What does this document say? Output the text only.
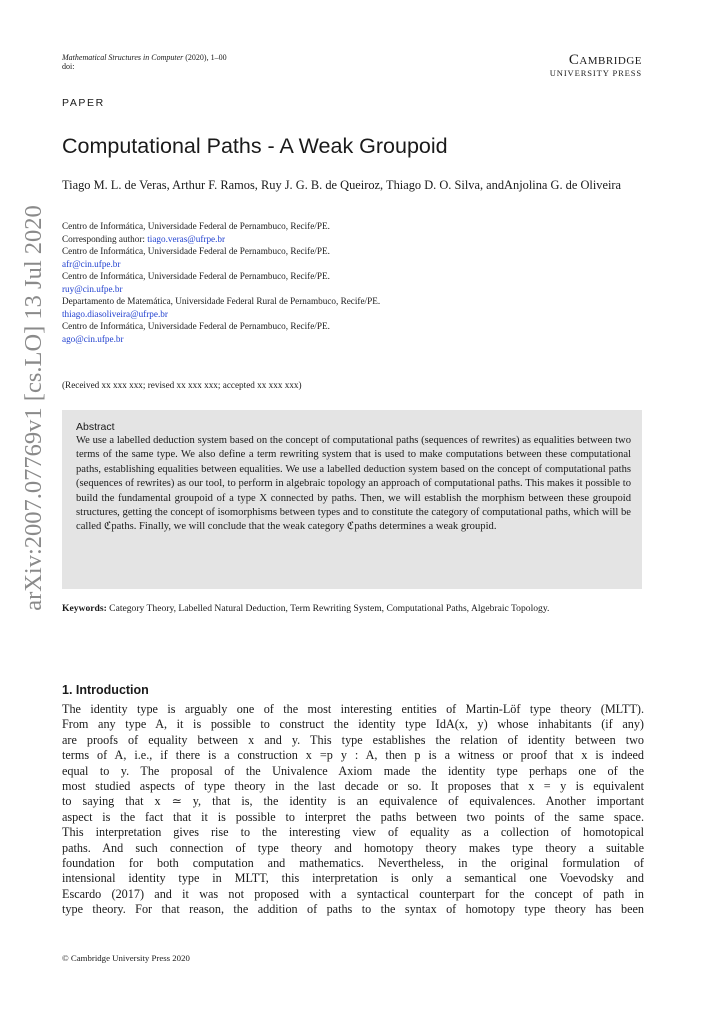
Mathematical Structures in Computer (2020), 1–00
doi:	Cambridge
UNIVERSITY PRESS
arXiv:2007.07769v1 [cs.LO] 13 Jul 2020
PAPER
Computational Paths - A Weak Groupoid
Tiago M. L. de Veras, Arthur F. Ramos, Ruy J. G. B. de Queiroz, Thiago D. O. Silva, andAnjolina G. de Oliveira
Centro de Informática, Universidade Federal de Pernambuco, Recife/PE.
Corresponding author: tiago.veras@ufrpe.br
Centro de Informática, Universidade Federal de Pernambuco, Recife/PE.
afr@cin.ufpe.br
Centro de Informática, Universidade Federal de Pernambuco, Recife/PE.
ruy@cin.ufpe.br
Departamento de Matemática, Universidade Federal Rural de Pernambuco, Recife/PE.
thiago.diasoliveira@ufrpe.br
Centro de Informática, Universidade Federal de Pernambuco, Recife/PE.
ago@cin.ufpe.br
(Received xx xxx xxx; revised xx xxx xxx; accepted xx xxx xxx)
Abstract
We use a labelled deduction system based on the concept of computational paths (sequences of rewrites) as equalities between two terms of the same type. We also define a term rewriting system that is used to make computations between these computational paths, establishing equalities between equalities. We use a labelled deduction system based on the concept of computational paths (sequences of rewrites) as our tool, to perform in algebraic topology an approach of computational paths. This makes it possible to build the fundamental groupoid of a type X connected by paths. Then, we will establish the morphism between these groupoid structures, getting the concept of isomorphisms between types and to constitute the category of computational paths, which will be called ℭpaths. Finally, we will conclude that the weak category ℭpaths determines a weak groupid.
Keywords: Category Theory, Labelled Natural Deduction, Term Rewriting System, Computational Paths, Algebraic Topology.
1. Introduction
The identity type is arguably one of the most interesting entities of Martin-Löf type theory (MLTT).
From any type A, it is possible to construct the identity type IdA(x, y) whose inhabitants (if any)
are proofs of equality between x and y. This type establishes the relation of identity between two
terms of A, i.e., if there is a construction x =p y : A, then p is a witness or proof that x is indeed
equal to y. The proposal of the Univalence Axiom made the identity type perhaps one of the
most studied aspects of type theory in the last decade or so. It proposes that x = y is equivalent
to saying that x ≃ y, that is, the identity is an equivalence of equivalences. Another important
aspect is the fact that it is possible to interpret the paths between two points of the same space.
This interpretation gives rise to the interesting view of equality as a collection of homotopical
paths. And such connection of type theory and homotopy theory makes type theory a suitable
foundation for both computation and mathematics. Nevertheless, in the original formulation of
intensional identity type in MLTT, this interpretation is only a semantical one Voevodsky and
Escardo (2017) and it was not proposed with a syntactical counterpart for the concept of path in
type theory. For that reason, the addition of paths to the syntax of homotopy type theory has been
© Cambridge University Press 2020
